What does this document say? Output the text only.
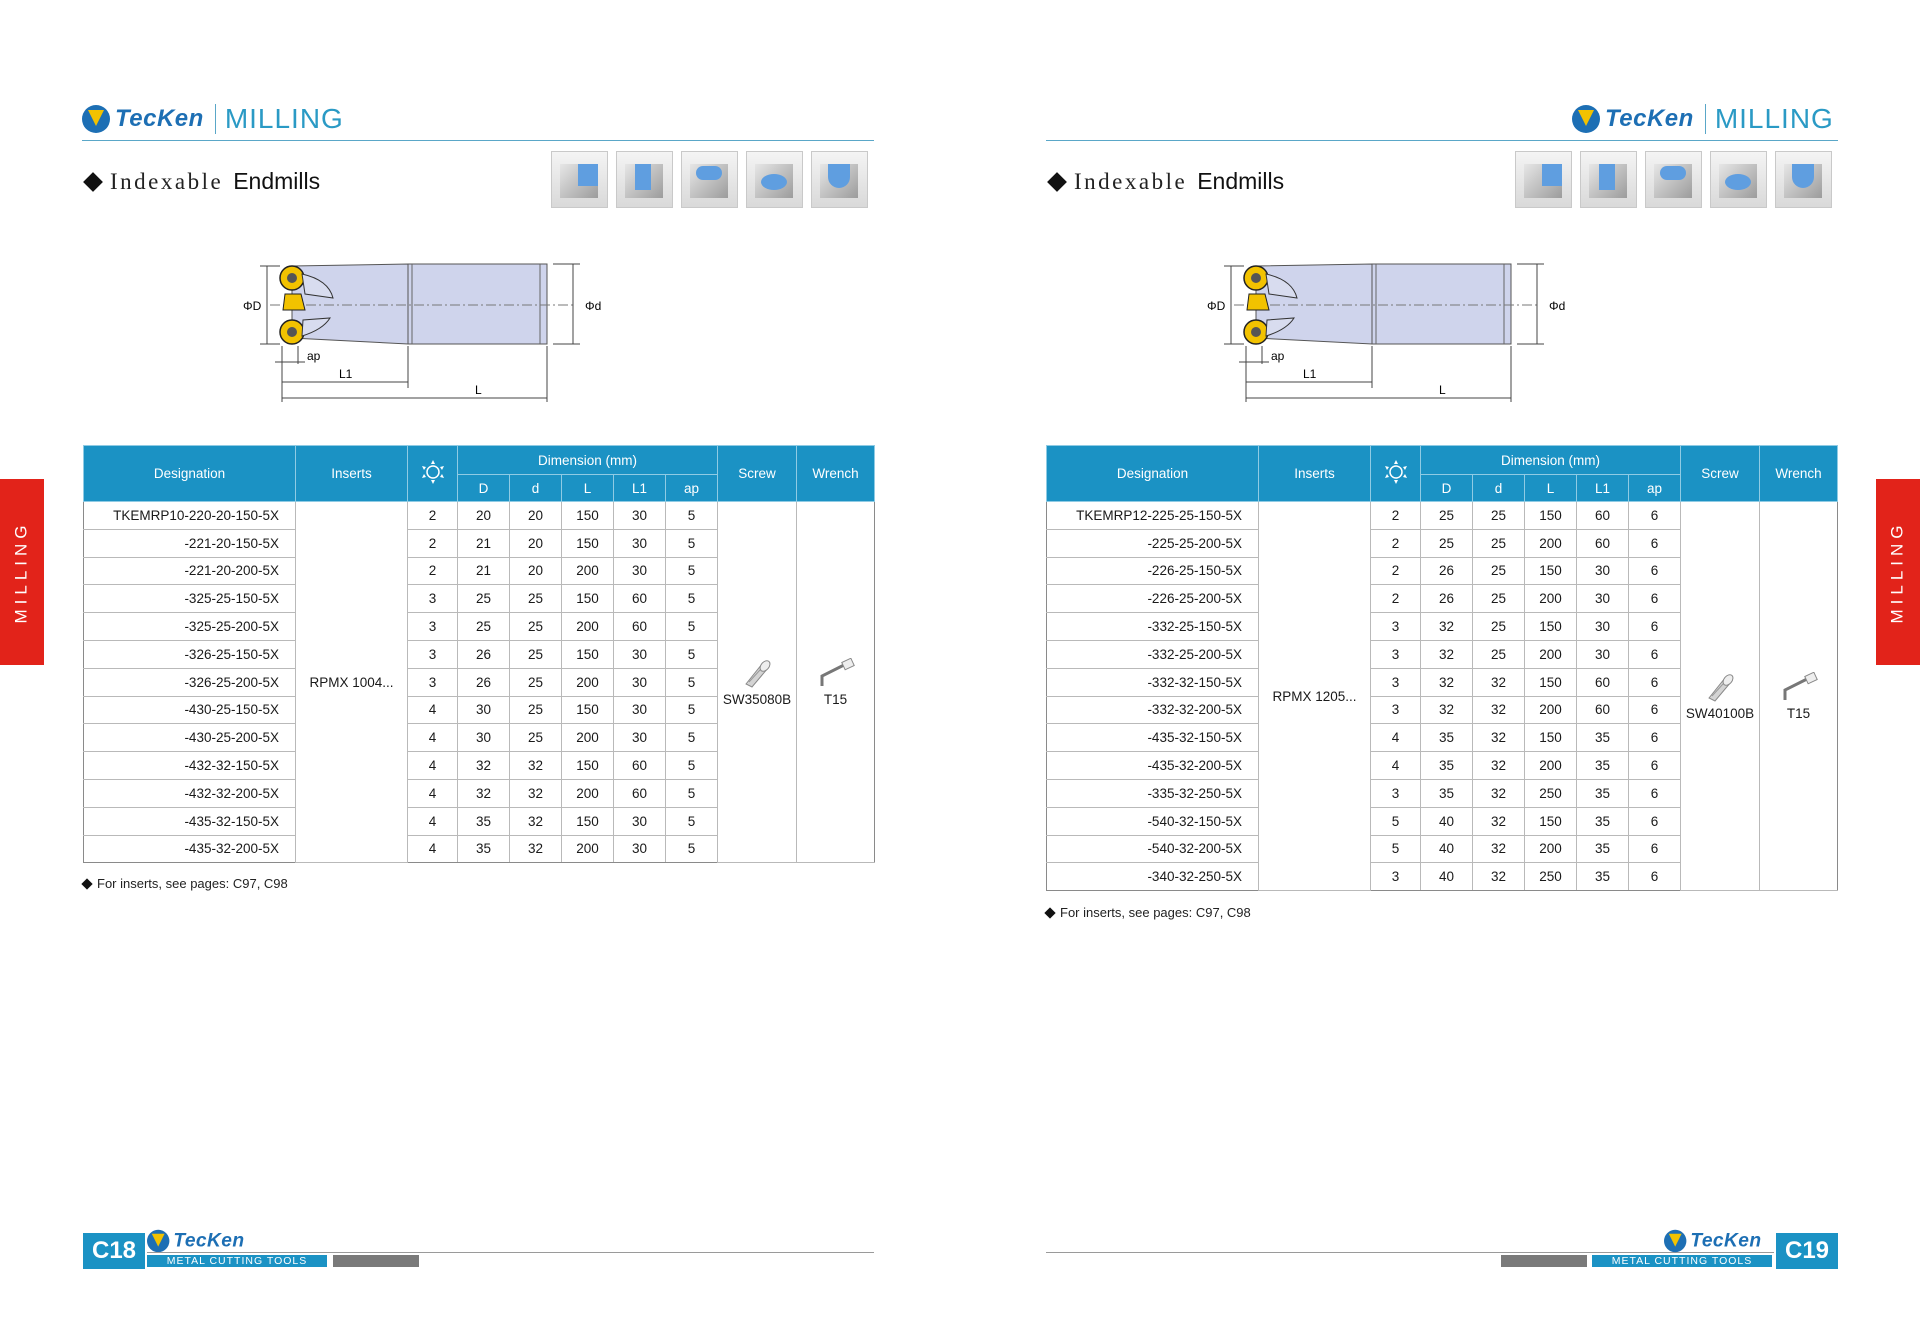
TecKen MILLING
Indexable Endmills
ΦD	Φd
ap
L1
L
Designation	Inserts		Dimension (mm)					Screw	Wrench
			D	d	L	L1	ap		
TKEMRP10-220-20-150-5X	RPMX 1004...	2	20	20	150	30	5	SW35080B	T15
-221-20-150-5X		2	21	20	150	30	5		
-221-20-200-5X		2	21	20	200	30	5		
-325-25-150-5X		3	25	25	150	60	5		
-325-25-200-5X		3	25	25	200	60	5		
-326-25-150-5X		3	26	25	150	30	5		
-326-25-200-5X		3	26	25	200	30	5		
-430-25-150-5X		4	30	25	150	30	5		
-430-25-200-5X		4	30	25	200	30	5		
-432-32-150-5X		4	32	32	150	60	5		
-432-32-200-5X		4	32	32	200	60	5		
-435-32-150-5X		4	35	32	150	30	5		
-435-32-200-5X		4	35	32	200	30	5		
For inserts, see pages: C97, C98
MILLING
C18	TecKen
METAL CUTTING TOOLS
TecKen MILLING
Indexable Endmills
ΦD	Φd
ap
L1
L
Designation	Inserts		Dimension (mm)					Screw	Wrench
			D	d	L	L1	ap		
TKEMRP12-225-25-150-5X	RPMX 1205...	2	25	25	150	60	6	SW40100B	T15
-225-25-200-5X		2	25	25	200	60	6		
-226-25-150-5X		2	26	25	150	30	6		
-226-25-200-5X		2	26	25	200	30	6		
-332-25-150-5X		3	32	25	150	30	6		
-332-25-200-5X		3	32	25	200	30	6		
-332-32-150-5X		3	32	32	150	60	6		
-332-32-200-5X		3	32	32	200	60	6		
-435-32-150-5X		4	35	32	150	35	6		
-435-32-200-5X		4	35	32	200	35	6		
-335-32-250-5X		3	35	32	250	35	6		
-540-32-150-5X		5	40	32	150	35	6		
-540-32-200-5X		5	40	32	200	35	6		
-340-32-250-5X		3	40	32	250	35	6		
For inserts, see pages: C97, C98
MILLING
TecKen
METAL CUTTING TOOLS	C19
